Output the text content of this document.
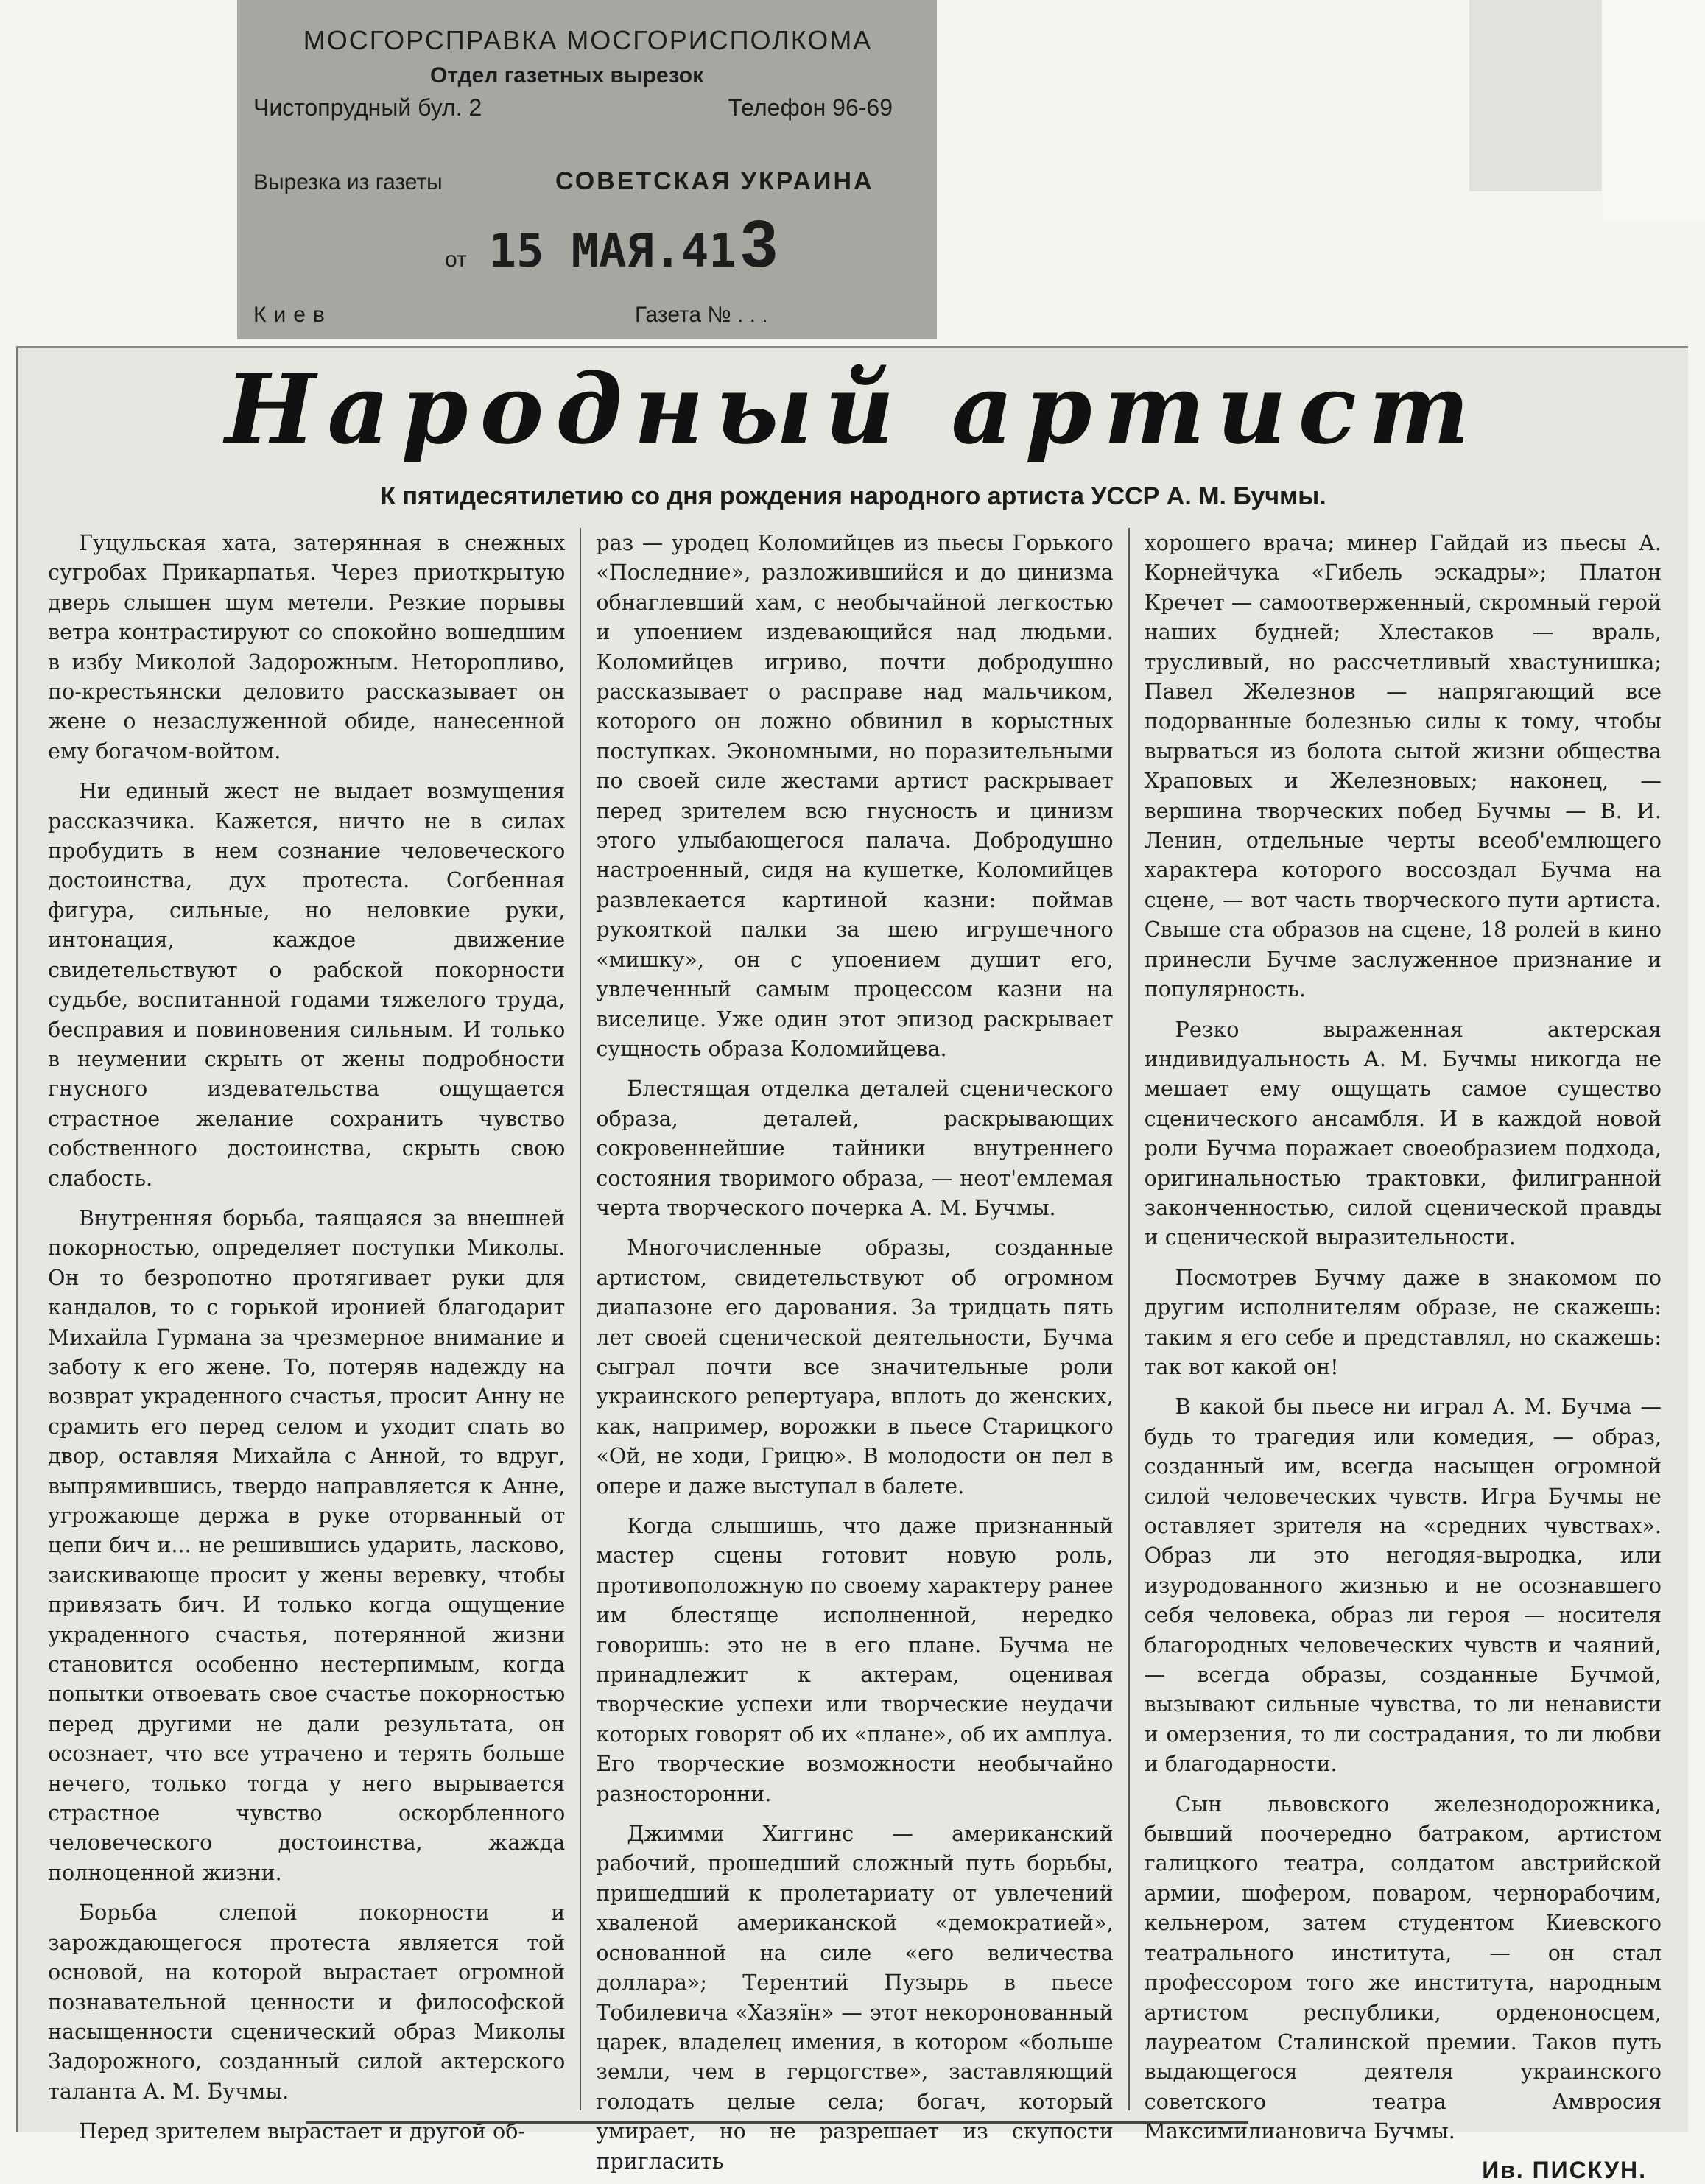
МОСГОРСПРАВКА МОСГОРИСПОЛКОМА
Отдел газетных вырезок
Чистопрудный бул. 2	Телефон 96-69
Вырезка из газеты	СОВЕТСКАЯ УКРАИНА
от 15 МАЯ.41 3
Киев	Газета № . . .
Народный артист
К пятидесятилетию со дня рождения народного артиста УССР А. М. Бучмы.

Гуцульская хата, затерянная в снежных сугробах Прикарпатья. Через приоткрытую дверь слышен шум метели. Резкие порывы ветра контрастируют со спокойно вошедшим в избу Миколой Задорожным. Неторопливо, по-крестьянски деловито рассказывает он жене о незаслуженной обиде, нанесенной ему богачом-войтом.

Ни единый жест не выдает возмущения рассказчика. Кажется, ничто не в силах пробудить в нем сознание человеческого достоинства, дух протеста. Согбенная фигура, сильные, но неловкие руки, интонация, каждое движение свидетельствуют о рабской покорности судьбе, воспитанной годами тяжелого труда, бесправия и повиновения сильным. И только в неумении скрыть от жены подробности гнусного издевательства ощущается страстное желание сохранить чувство собственного достоинства, скрыть свою слабость.

Внутренняя борьба, таящаяся за внешней покорностью, определяет поступки Миколы. Он то безропотно протягивает руки для кандалов, то с горькой иронией благодарит Михайла Гурмана за чрезмерное внимание и заботу к его жене. То, потеряв надежду на возврат украденного счастья, просит Анну не срамить его перед селом и уходит спать во двор, оставляя Михайла с Анной, то вдруг, выпрямившись, твердо направляется к Анне, угрожающе держа в руке оторванный от цепи бич и... не решившись ударить, ласково, заискивающе просит у жены веревку, чтобы привязать бич. И только когда ощущение украденного счастья, потерянной жизни становится особенно нестерпимым, когда попытки отвоевать свое счастье покорностью перед другими не дали результата, он осознает, что все утрачено и терять больше нечего, только тогда у него вырывается страстное чувство оскорбленного человеческого достоинства, жажда полноценной жизни.

Борьба слепой покорности и зарождающегося протеста является той основой, на которой вырастает огромной познавательной ценности и философской насыщенности сценический образ Миколы Задорожного, созданный силой актерского таланта А. М. Бучмы.

Перед зрителем вырастает и другой об-

раз — уродец Коломийцев из пьесы Горького «Последние», разложившийся и до цинизма обнаглевший хам, с необычайной легкостью и упоением издевающийся над людьми. Коломийцев игриво, почти добродушно рассказывает о расправе над мальчиком, которого он ложно обвинил в корыстных поступках. Экономными, но поразительными по своей силе жестами артист раскрывает перед зрителем всю гнусность и цинизм этого улыбающегося палача. Добродушно настроенный, сидя на кушетке, Коломийцев развлекается картиной казни: поймав рукояткой палки за шею игрушечного «мишку», он с упоением душит его, увлеченный самым процессом казни на виселице. Уже один этот эпизод раскрывает сущность образа Коломийцева.

Блестящая отделка деталей сценического образа, деталей, раскрывающих сокровеннейшие тайники внутреннего состояния творимого образа, — неот'емлемая черта творческого почерка А. М. Бучмы.

Многочисленные образы, созданные артистом, свидетельствуют об огромном диапазоне его дарования. За тридцать пять лет своей сценической деятельности, Бучма сыграл почти все значительные роли украинского репертуара, вплоть до женских, как, например, ворожки в пьесе Старицкого «Ой, не ходи, Грицю». В молодости он пел в опере и даже выступал в балете.

Когда слышишь, что даже признанный мастер сцены готовит новую роль, противоположную по своему характеру ранее им блестяще исполненной, нередко говоришь: это не в его плане. Бучма не принадлежит к актерам, оценивая творческие успехи или творческие неудачи которых говорят об их «плане», об их амплуа. Его творческие возможности необычайно разносторонни.

Джимми Хиггинс — американский рабочий, прошедший сложный путь борьбы, пришедший к пролетариату от увлечений хваленой американской «демократией», основанной на силе «его величества доллара»; Терентий Пузырь в пьесе Тобилевича «Хазяїн» — этот некоронованный царек, владелец имения, в котором «больше земли, чем в герцогстве», заставляющий голодать целые села; богач, который умирает, но не разрешает из скупости пригласить

хорошего врача; минер Гайдай из пьесы А. Корнейчука «Гибель эскадры»; Платон Кречет — самоотверженный, скромный герой наших будней; Хлестаков — враль, трусливый, но рассчетливый хвастунишка; Павел Железнов — напрягающий все подорванные болезнью силы к тому, чтобы вырваться из болота сытой жизни общества Храповых и Железновых; наконец, — вершина творческих побед Бучмы — В. И. Ленин, отдельные черты всеоб'емлющего характера которого воссоздал Бучма на сцене, — вот часть творческого пути артиста. Свыше ста образов на сцене, 18 ролей в кино принесли Бучме заслуженное признание и популярность.

Резко выраженная актерская индивидуальность А. М. Бучмы никогда не мешает ему ощущать самое существо сценического ансамбля. И в каждой новой роли Бучма поражает своеобразием подхода, оригинальностью трактовки, филигранной законченностью, силой сценической правды и сценической выразительности.

Посмотрев Бучму даже в знакомом по другим исполнителям образе, не скажешь: таким я его себе и представлял, но скажешь: так вот какой он!

В какой бы пьесе ни играл А. М. Бучма — будь то трагедия или комедия, — образ, созданный им, всегда насыщен огромной силой человеческих чувств. Игра Бучмы не оставляет зрителя на «средних чувствах». Образ ли это негодяя-выродка, или изуродованного жизнью и не осознавшего себя человека, образ ли героя — носителя благородных человеческих чувств и чаяний, — всегда образы, созданные Бучмой, вызывают сильные чувства, то ли ненависти и омерзения, то ли сострадания, то ли любви и благодарности.

Сын львовского железнодорожника, бывший поочередно батраком, артистом галицкого театра, солдатом австрийской армии, шофером, поваром, чернорабочим, кельнером, затем студентом Киевского театрального института, — он стал профессором того же института, народным артистом республики, орденоносцем, лауреатом Сталинской премии. Таков путь выдающегося деятеля украинского советского театра Амвросия Максимилиановича Бучмы.

Ив. ПИСКУН.
